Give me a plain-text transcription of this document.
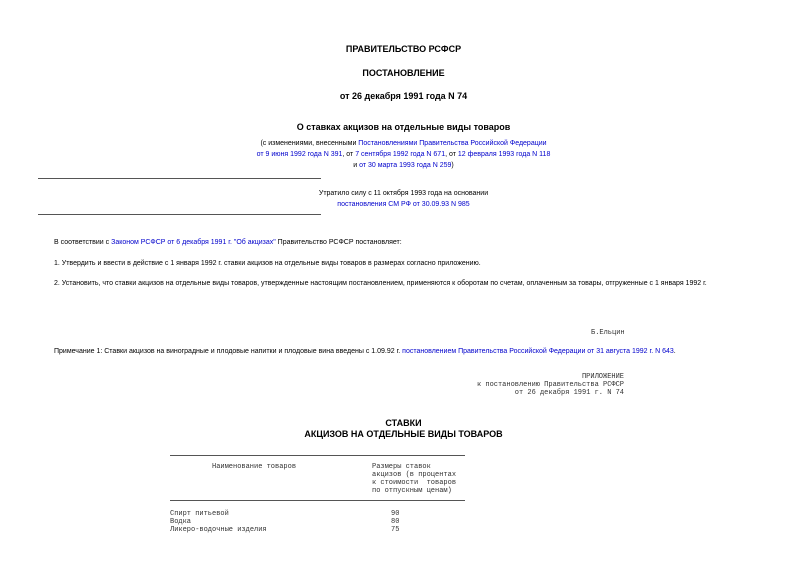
ПРАВИТЕЛЬСТВО РСФСР
ПОСТАНОВЛЕНИЕ
от 26 декабря 1991 года N 74
О ставках акцизов на отдельные виды товаров
(с изменениями, внесенными Постановлениями Правительства Российской Федерации
от 9 июня 1992 года N 391, от 7 сентября 1992 года N 671, от 12 февраля 1993 года N 118
и от 30 марта 1993 года N 259)
Утратило силу с 11 октября 1993 года на основании
постановления СМ РФ от 30.09.93 N 985
В соответствии с Законом РСФСР от 6 декабря 1991 г. "Об акцизах" Правительство РСФСР постановляет:
1. Утвердить и ввести в действие с 1 января 1992 г. ставки акцизов на отдельные виды товаров в размерах согласно приложению.
2. Установить, что ставки акцизов на отдельные виды товаров, утвержденные настоящим постановлением, применяются к оборотам по счетам, оплаченным за товары, отгруженные с 1 января 1992 г.
Б.Ельцин
Примечание 1: Ставки акцизов на виноградные и плодовые напитки и плодовые вина введены с 1.09.92 г. постановлением Правительства Российской Федерации от 31 августа 1992 г. N 643.
ПРИЛОЖЕНИЕ
к постановлению Правительства РСФСР
от 26 декабря 1991 г. N 74
СТАВКИ
АКЦИЗОВ НА ОТДЕЛЬНЫЕ ВИДЫ ТОВАРОВ
Наименование товаров	Размеры ставок
акцизов (в процентах
к стоимости  товаров
по отпускным ценам)
Спирт питьевой	90
Водка	80
Ликеро-водочные изделия	75
